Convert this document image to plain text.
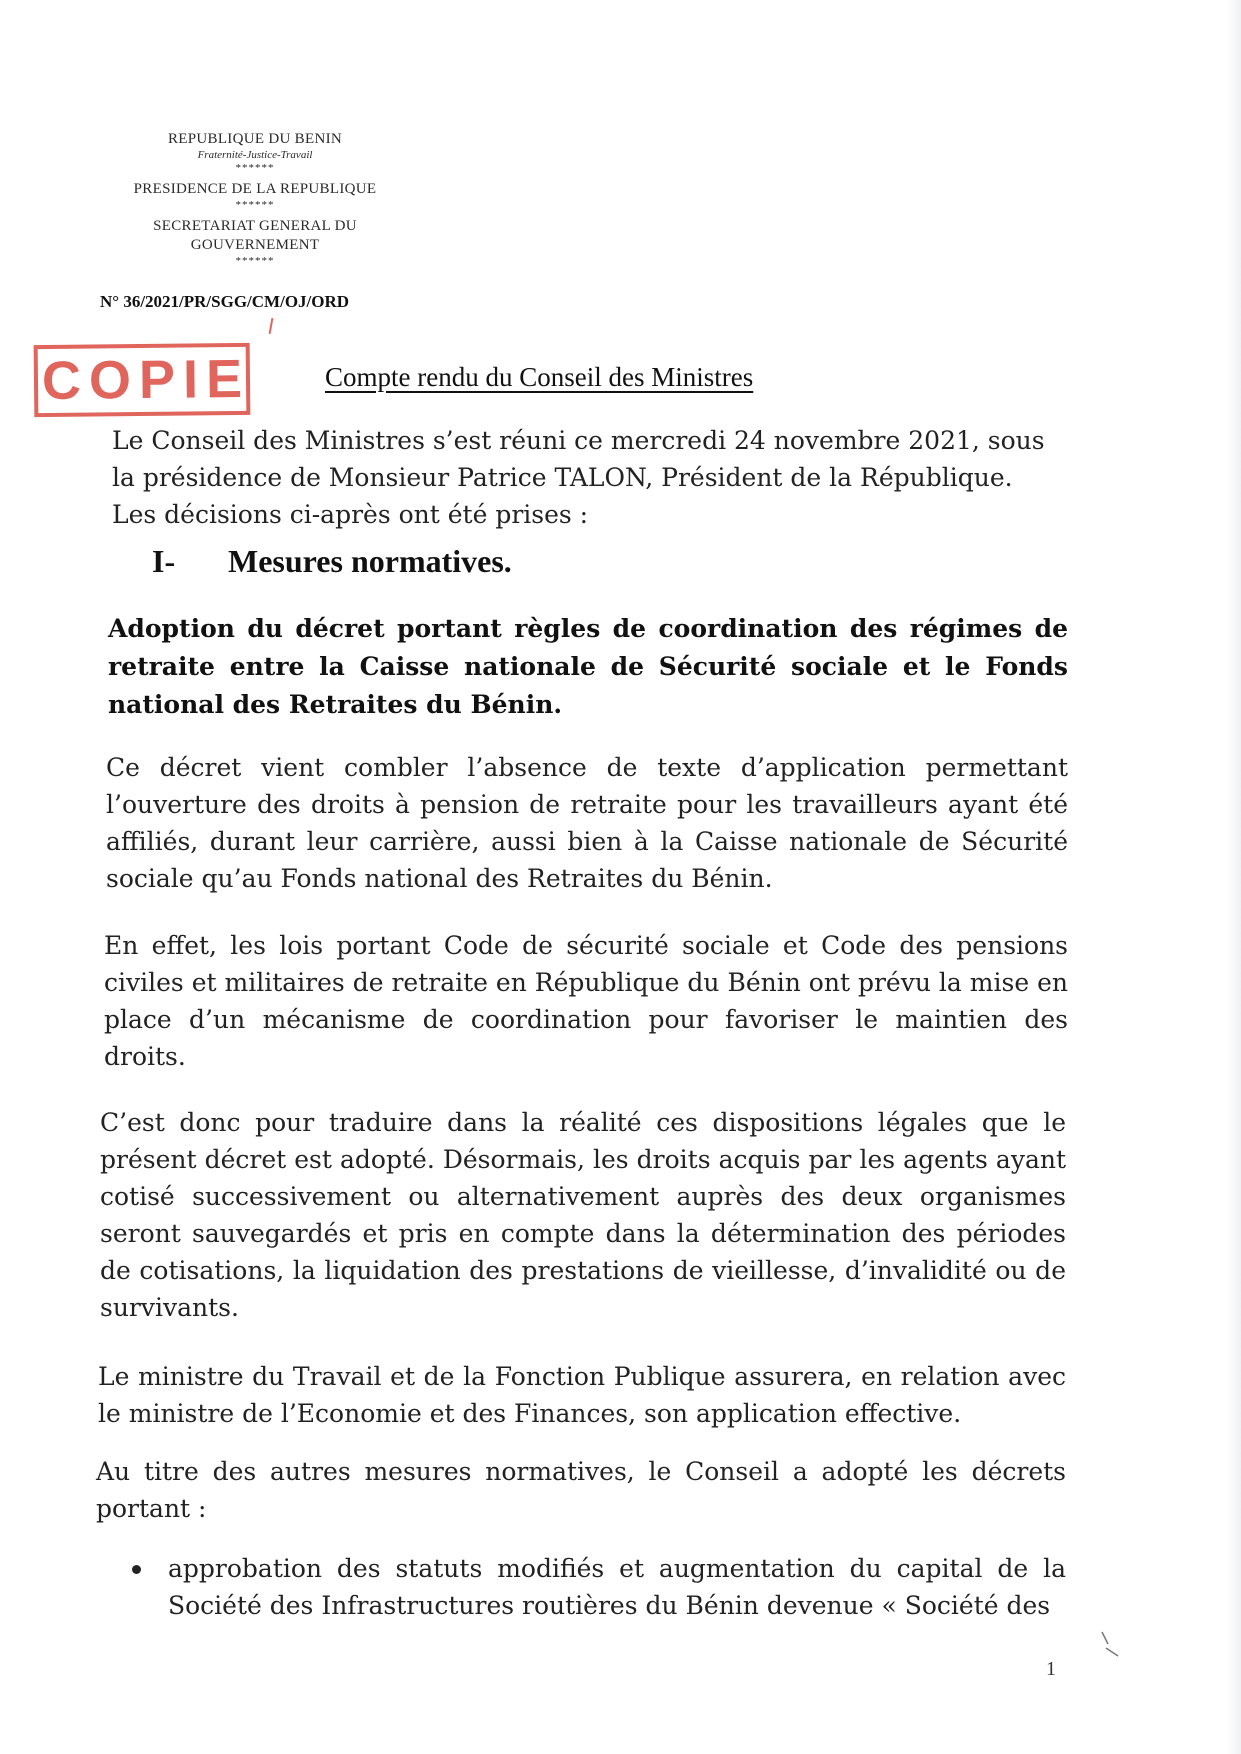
REPUBLIQUE DU BENIN
Fraternité-Justice-Travail
******
PRESIDENCE DE LA REPUBLIQUE
******
SECRETARIAT GENERAL DU
GOUVERNEMENT
******
N° 36/2021/PR/SGG/CM/OJ/ORD
COPIE	Compte rendu du Conseil des Ministres
Le Conseil des Ministres s’est réuni ce mercredi 24 novembre 2021, sous la présidence de Monsieur Patrice TALON, Président de la République.
Les décisions ci-après ont été prises :
I- Mesures normatives.
Adoption du décret portant règles de coordination des régimes de retraite entre la Caisse nationale de Sécurité sociale et le Fonds national des Retraites du Bénin.
Ce décret vient combler l’absence de texte d’application permettant l’ouverture des droits à pension de retraite pour les travailleurs ayant été affiliés, durant leur carrière, aussi bien à la Caisse nationale de Sécurité sociale qu’au Fonds national des Retraites du Bénin.
En effet, les lois portant Code de sécurité sociale et Code des pensions civiles et militaires de retraite en République du Bénin ont prévu la mise en place d’un mécanisme de coordination pour favoriser le maintien des droits.
C’est donc pour traduire dans la réalité ces dispositions légales que le présent décret est adopté. Désormais, les droits acquis par les agents ayant cotisé successivement ou alternativement auprès des deux organismes seront sauvegardés et pris en compte dans la détermination des périodes de cotisations, la liquidation des prestations de vieillesse, d’invalidité ou de survivants.
Le ministre du Travail et de la Fonction Publique assurera, en relation avec le ministre de l’Economie et des Finances, son application effective.
Au titre des autres mesures normatives, le Conseil a adopté les décrets portant :
approbation des statuts modifiés et augmentation du capital de la Société des Infrastructures routières du Bénin devenue « Société des
1
